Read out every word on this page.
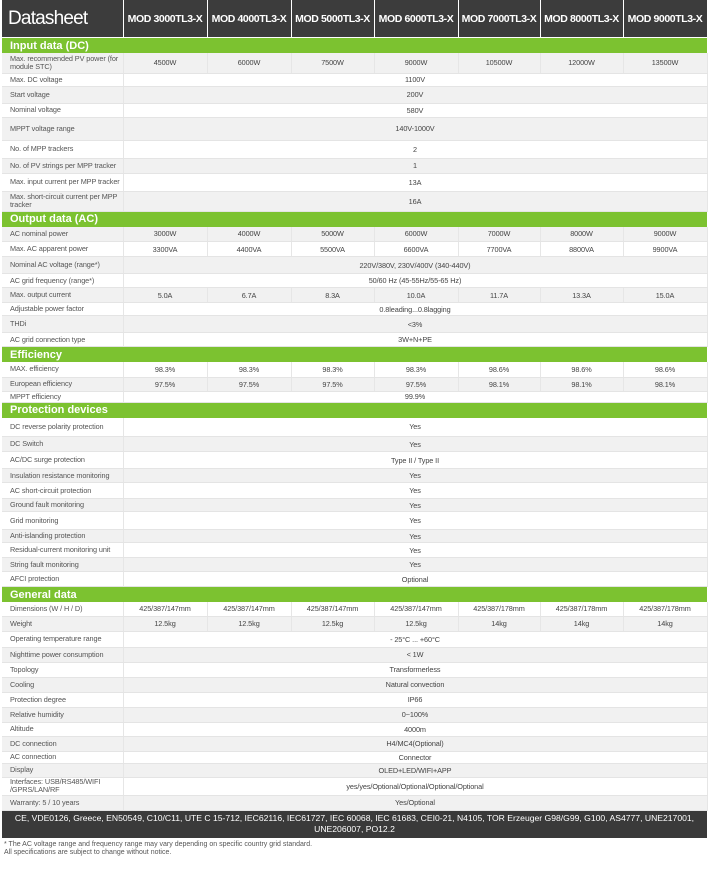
Datasheet	MOD 3000TL3-X	MOD 4000TL3-X	MOD 5000TL3-X	MOD 6000TL3-X	MOD 7000TL3-X	MOD 8000TL3-X	MOD 9000TL3-X
Input data (DC)							
Max. recommended PV power (for module STC)	4500W	6000W	7500W	9000W	10500W	12000W	13500W
Max. DC voltage	1100V						
Start voltage	200V						
Nominal voltage	580V						
MPPT voltage range	140V-1000V						
No. of MPP trackers	2						
No. of PV strings per MPP tracker	1						
Max. input current per MPP tracker	13A						
Max. short-circuit current per MPP tracker	16A						
Output data (AC)							
AC nominal power	3000W	4000W	5000W	6000W	7000W	8000W	9000W
Max. AC apparent power	3300VA	4400VA	5500VA	6600VA	7700VA	8800VA	9900VA
Nominal AC voltage (range*)	220V/380V, 230V/400V (340-440V)						
AC grid frequency (range*)	50/60 Hz (45-55Hz/55-65 Hz)						
Max. output current	5.0A	6.7A	8.3A	10.0A	11.7A	13.3A	15.0A
Adjustable power factor	0.8leading...0.8lagging						
THDi	<3%						
AC grid connection type	3W+N+PE						
Efficiency							
MAX. efficiency	98.3%	98.3%	98.3%	98.3%	98.6%	98.6%	98.6%
European efficiency	97.5%	97.5%	97.5%	97.5%	98.1%	98.1%	98.1%
MPPT efficiency	99.9%						
Protection devices							
DC reverse polarity protection	Yes						
DC Switch	Yes						
AC/DC surge protection	Type II / Type II						
Insulation resistance monitoring	Yes						
AC short-circuit protection	Yes						
Ground fault monitoring	Yes						
Grid monitoring	Yes						
Anti-islanding protection	Yes						
Residual-current monitoring unit	Yes						
String fault monitoring	Yes						
AFCI protection	Optional						
General data							
Dimensions (W / H / D)	425/387/147mm	425/387/147mm	425/387/147mm	425/387/147mm	425/387/178mm	425/387/178mm	425/387/178mm
Weight	12.5kg	12.5kg	12.5kg	12.5kg	14kg	14kg	14kg
Operating temperature range	- 25°C ... +60°C						
Nighttime power consumption	< 1W						
Topology	Transformerless						
Cooling	Natural convection						
Protection degree	IP66						
Relative humidity	0~100%						
Altitude	4000m						
DC connection	H4/MC4(Optional)						
AC connection	Connector						
Display	OLED+LED/WIFI+APP						
Interfaces: USB/RS485/WIFI /GPRS/LAN/RF	yes/yes/Optional/Optional/Optional/Optional						
Warranty: 5 / 10 years	Yes/Optional						
CE, VDE0126, Greece, EN50549, C10/C11, UTE C 15-712, IEC62116, IEC61727, IEC 60068, IEC 61683, CEI0-21, N4105, TOR Erzeuger G98/G99, G100, AS4777, UNE217001, UNE206007, PO12.2
* The AC voltage range and frequency range may vary depending on specific country grid standard.
All specifications are subject to change without notice.
